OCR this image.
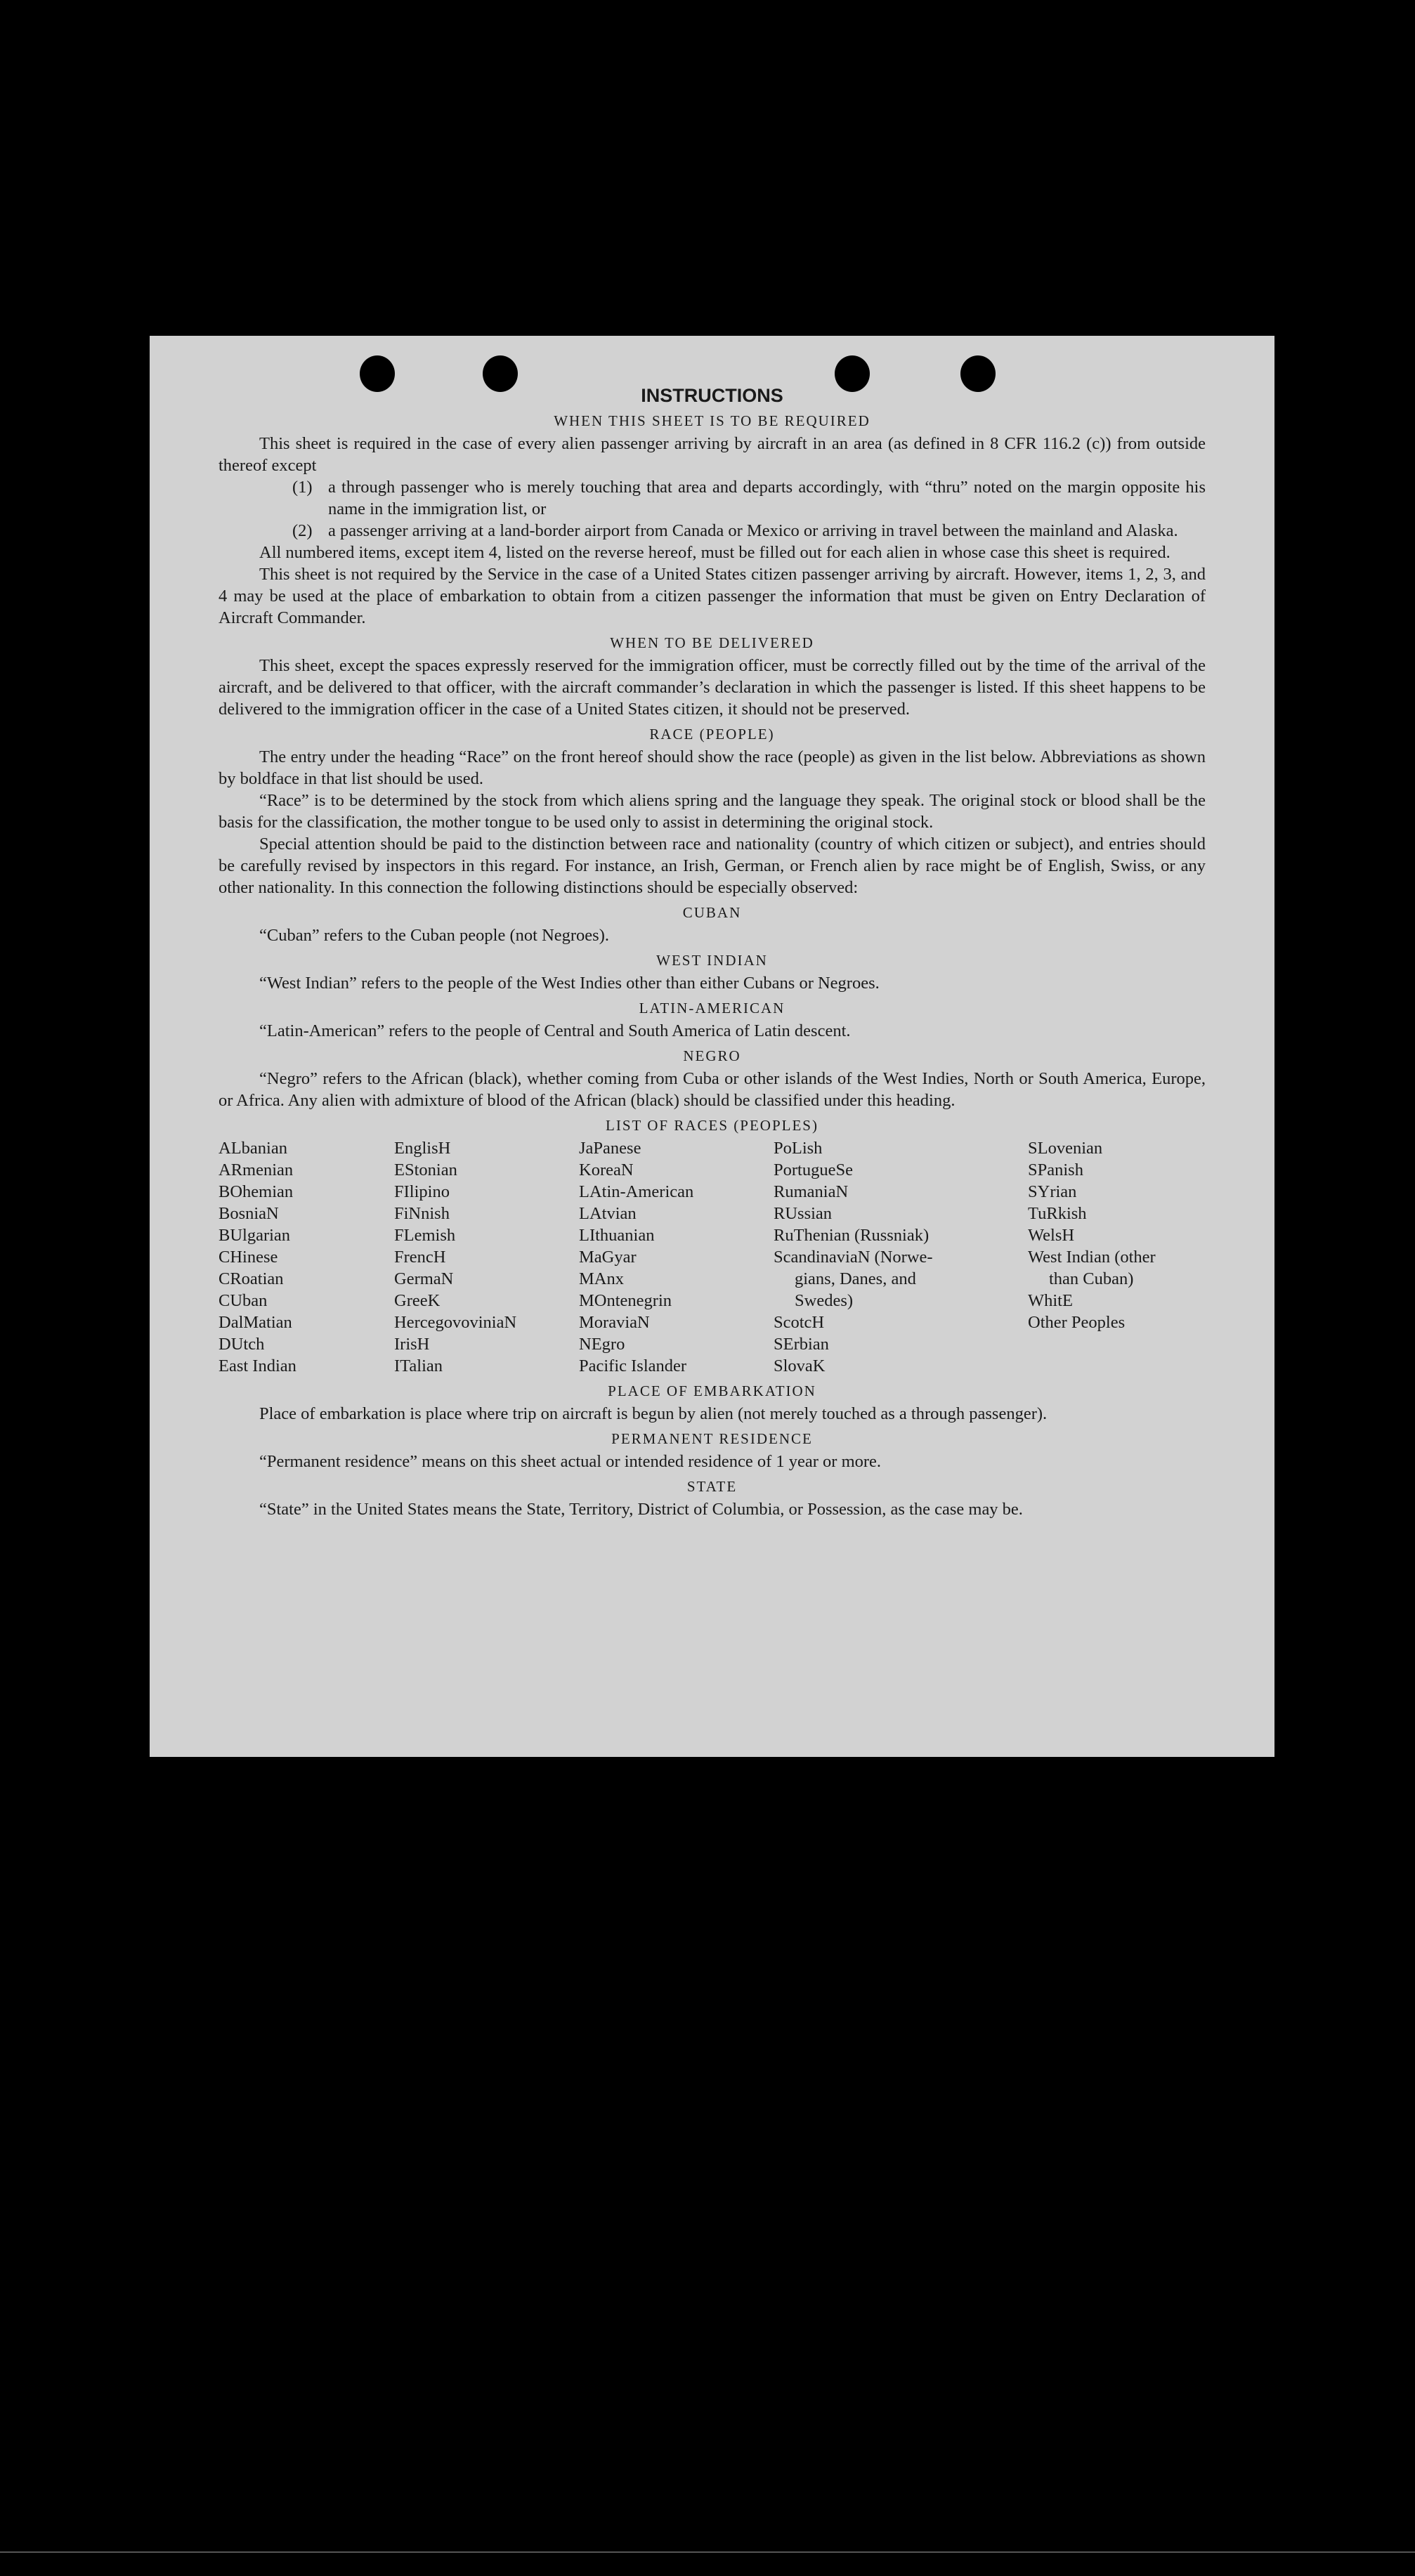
INSTRUCTIONS
WHEN THIS SHEET IS TO BE REQUIRED

This sheet is required in the case of every alien passenger arriving by aircraft in an area (as defined in 8 CFR 116.2 (c)) from outside thereof except

(1) a through passenger who is merely touching that area and departs accordingly, with “thru” noted on the margin opposite his name in the immigration list, or
(2) a passenger arriving at a land-border airport from Canada or Mexico or arriving in travel between the mainland and Alaska.

All numbered items, except item 4, listed on the reverse hereof, must be filled out for each alien in whose case this sheet is required.

This sheet is not required by the Service in the case of a United States citizen passenger arriving by aircraft. However, items 1, 2, 3, and 4 may be used at the place of embarkation to obtain from a citizen passenger the information that must be given on Entry Declaration of Aircraft Commander.

WHEN TO BE DELIVERED

This sheet, except the spaces expressly reserved for the immigration officer, must be correctly filled out by the time of the arrival of the aircraft, and be delivered to that officer, with the aircraft commander’s declaration in which the passenger is listed. If this sheet happens to be delivered to the immigration officer in the case of a United States citizen, it should not be preserved.

RACE (PEOPLE)

The entry under the heading “Race” on the front hereof should show the race (people) as given in the list below. Abbreviations as shown by boldface in that list should be used.

“Race” is to be determined by the stock from which aliens spring and the language they speak. The original stock or blood shall be the basis for the classification, the mother tongue to be used only to assist in determining the original stock.

Special attention should be paid to the distinction between race and nationality (country of which citizen or subject), and entries should be carefully revised by inspectors in this regard. For instance, an Irish, German, or French alien by race might be of English, Swiss, or any other nationality. In this connection the following distinctions should be especially observed:

CUBAN

“Cuban” refers to the Cuban people (not Negroes).

WEST INDIAN

“West Indian” refers to the people of the West Indies other than either Cubans or Negroes.

LATIN-AMERICAN

“Latin-American” refers to the people of Central and South America of Latin descent.

NEGRO

“Negro” refers to the African (black), whether coming from Cuba or other islands of the West Indies, North or South America, Europe, or Africa. Any alien with admixture of blood of the African (black) should be classified under this heading.

LIST OF RACES (PEOPLES)
ALbanian
ARmenian
BOhemian
BosniaN
BUlgarian
CHinese
CRoatian
CUban
DalMatian
DUtch
East Indian
EnglisH
EStonian
FIlipino
FiNnish
FLemish
FrencH
GermaN
GreeK
HercegovoviniaN
IrisH
ITalian
JaPanese
KoreaN
LAtin-American
LAtvian
LIthuanian
MaGyar
MAnx
MOntenegrin
MoraviaN
NEgro
Pacific Islander
PoLish
PortugueSe
RumaniaN
RUssian
RuThenian (Russniak)
ScandinaviaN (Norwe-
gians, Danes, and
Swedes)
ScotcH
SErbian
SlovaK
SLovenian
SPanish
SYrian
TuRkish
WelsH
West Indian (other
than Cuban)
WhitE
Other Peoples
PLACE OF EMBARKATION

Place of embarkation is place where trip on aircraft is begun by alien (not merely touched as a through passenger).

PERMANENT RESIDENCE

“Permanent residence” means on this sheet actual or intended residence of 1 year or more.

STATE

“State” in the United States means the State, Territory, District of Columbia, or Possession, as the case may be.
